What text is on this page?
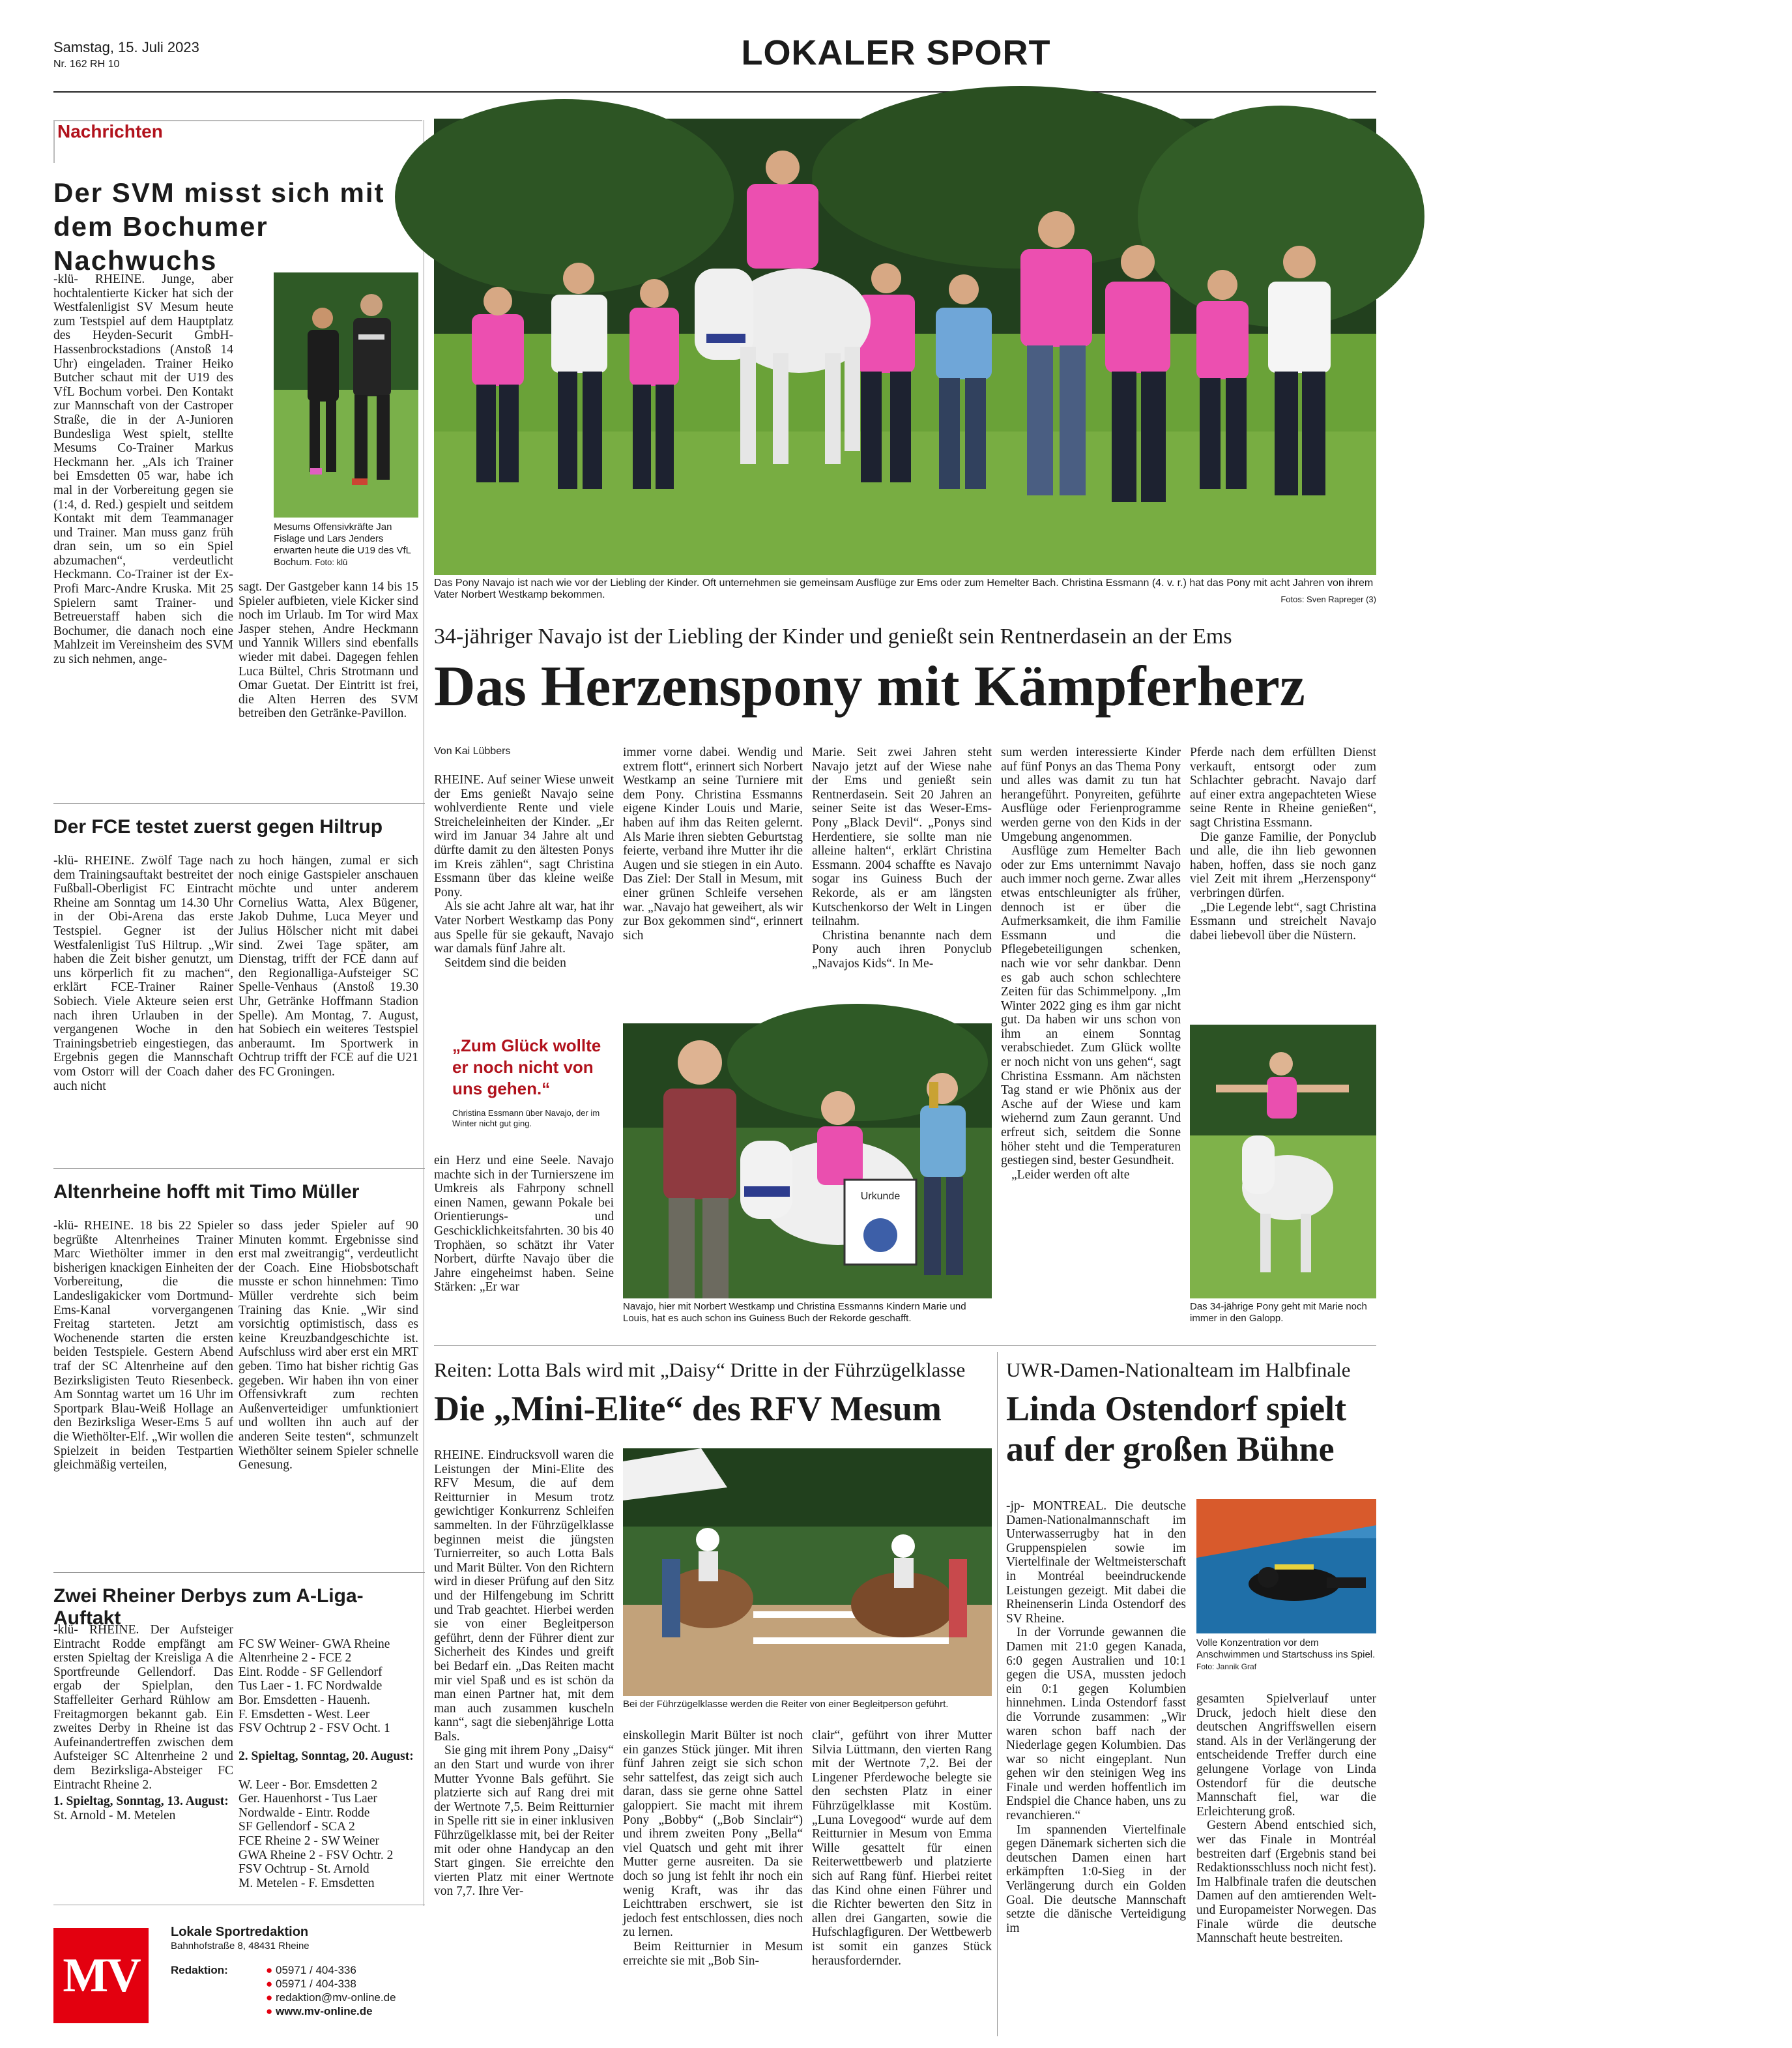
Samstag, 15. Juli 2023
Nr. 162 RH 10	LOKALER SPORT
Nachrichten
Der SVM misst sich mit dem Bochumer Nachwuchs

-klü- RHEINE. Junge, aber hochtalentierte Kicker hat sich der Westfalenligist SV Mesum heute zum Testspiel auf dem Hauptplatz des Heyden-Securit GmbH-Hassenbrockstadions (Anstoß 14 Uhr) eingeladen. Trainer Heiko Butcher schaut mit der U19 des VfL Bochum vorbei. Den Kontakt zur Mannschaft von der Castroper Straße, die in der A-Junioren Bundesliga West spielt, stellte Mesums Co-Trainer Markus Heckmann her. „Als ich Trainer bei Emsdetten 05 war, habe ich mal in der Vorbereitung gegen sie (1:4, d. Red.) gespielt und seitdem Kontakt mit dem Teammanager und Trainer. Man muss ganz früh dran sein, um so ein Spiel abzumachen“, verdeutlicht Heckmann. Co-Trainer ist der Ex-Profi Marc-Andre Kruska. Mit 25 Spielern samt Trainer- und Betreuerstaff haben sich die Bochumer, die danach noch eine Mahlzeit im Vereinsheim des SVM zu sich nehmen, ange-

Mesums Offensivkräfte Jan Fislage und Lars Jenders erwarten heute die U19 des VfL Bochum. Foto: klü

sagt. Der Gastgeber kann 14 bis 15 Spieler aufbieten, viele Kicker sind noch im Urlaub. Im Tor wird Max Jasper stehen, Andre Heckmann und Yannik Willers sind ebenfalls wieder mit dabei. Dagegen fehlen Luca Bültel, Chris Strotmann und Omar Guetat. Der Eintritt ist frei, die Alten Herren des SVM betreiben den Getränke-Pavillon.

Der FCE testet zuerst gegen Hiltrup

-klü- RHEINE. Zwölf Tage nach dem Trainingsauftakt bestreitet der Fußball-Oberligist FC Eintracht Rheine am Sonntag um 14.30 Uhr in der Obi-Arena das erste Testspiel. Gegner ist der Westfalenligist TuS Hiltrup. „Wir haben die Zeit bisher genutzt, um uns körperlich fit zu machen“, erklärt FCE-Trainer Rainer Sobiech. Viele Akteure seien erst nach ihren Urlauben in der vergangenen Woche in den Trainingsbetrieb eingestiegen, das Ergebnis gegen die Mannschaft vom Ostorr will der Coach daher auch nicht

zu hoch hängen, zumal er sich noch einige Gastspieler anschauen möchte und unter anderem Cornelius Wattа, Alex Bügener, Jakob Duhme, Luca Meyer und Julius Hölscher nicht mit dabei sind. Zwei Tage später, am Dienstag, trifft der FCE dann auf den Regionalliga-Aufsteiger SC Spelle-Venhaus (Anstoß 19.30 Uhr, Getränke Hoffmann Stadion Spelle). Am Montag, 7. August, hat Sobiech ein weiteres Testspiel anberaumt. Im Sportwerk in Ochtrup trifft der FCE auf die U21 des FC Groningen.

Altenrheine hofft mit Timo Müller

-klü- RHEINE. 18 bis 22 Spieler begrüßte Altenrheines Trainer Marc Wiethölter immer in den bisherigen knackigen Einheiten der Vorbereitung, die die Landesligakicker vom Dortmund-Ems-Kanal vorvergangenen Freitag starteten. Jetzt am Wochenende starten die ersten beiden Testspiele. Gestern Abend traf der SC Altenrheine auf den Bezirksligisten Teuto Riesenbeck. Am Sonntag wartet um 16 Uhr im Sportpark Blau-Weiß Hollage an den Bezirksliga Weser-Ems 5 auf die Wiethölter-Elf. „Wir wollen die Spielzeit in beiden Testpartien gleichmäßig verteilen,

so dass jeder Spieler auf 90 Minuten kommt. Ergebnisse sind erst mal zweitrangig“, verdeutlicht der Coach. Eine Hiobsbotschaft musste er schon hinnehmen: Timo Müller verdrehte sich beim Training das Knie. „Wir sind vorsichtig optimistisch, dass es keine Kreuzbandgeschichte ist. Aufschluss wird aber erst ein MRT geben. Timo hat bisher richtig Gas gegeben. Wir haben ihn von einer Offensivkraft zum rechten Außenverteidiger umfunktioniert und wollten ihn auch auf der anderen Seite testen“, schmunzelt Wiethölter seinem Spieler schnelle Genesung.

Zwei Rheiner Derbys zum A-Liga-Auftakt

-klü- RHEINE. Der Aufsteiger Eintracht Rodde empfängt am ersten Spieltag der Kreisliga A die Sportfreunde Gellendorf. Das ergab der Spielplan, den Staffelleiter Gerhard Rühlow am Freitagmorgen bekannt gab. Ein zweites Derby in Rheine ist das Aufeinandertreffen zwischen dem Aufsteiger SC Altenrheine 2 und dem Bezirksliga-Absteiger FC Eintracht Rheine 2.

1. Spieltag, Sonntag, 13. August:

St. Arnold - M. Metelen

FC SW Weiner- GWA Rheine
Altenrheine 2 - FCE 2
Eint. Rodde - SF Gellendorf
Tus Laer - 1. FC Nordwalde
Bor. Emsdetten - Hauenh.
F. Emsdetten - West. Leer
FSV Ochtrup 2 - FSV Ocht. 1

2. Spieltag, Sonntag, 20. August:

W. Leer - Bor. Emsdetten 2
Ger. Hauenhorst - Tus Laer
Nordwalde - Eintr. Rodde
SF Gellendorf - SCA 2
FCE Rheine 2 - SW Weiner
GWA Rheine 2 - FSV Ochtr. 2
FSV Ochtrup - St. Arnold
M. Metelen - F. Emsdetten

MV
Lokale Sportredaktion
Bahnhofstraße 8, 48431 Rheine
Redaktion:	● 05971 / 404-336
● 05971 / 404-338
● redaktion@mv-online.de
● www.mv-online.de
Das Pony Navajo ist nach wie vor der Liebling der Kinder. Oft unternehmen sie gemeinsam Ausflüge zur Ems oder zum Hemelter Bach. Christina Essmann (4. v. r.) hat das Pony mit acht Jahren von ihrem Vater Norbert Westkamp bekommen.	Fotos: Sven Rapreger (3)
34-jähriger Navajo ist der Liebling der Kinder und genießt sein Rentnerdasein an der Ems
Das Herzenspony mit Kämpferherz
Von Kai Lübbers

RHEINE. Auf seiner Wiese unweit der Ems genießt Navajo seine wohlverdiente Rente und viele Streicheleinheiten der Kinder. „Er wird im Januar 34 Jahre alt und dürfte damit zu den ältesten Ponys im Kreis zählen“, sagt Christina Essmann über das kleine weiße Pony.

Als sie acht Jahre alt war, hat ihr Vater Norbert Westkamp das Pony aus Spelle für sie gekauft, Navajo war damals fünf Jahre alt.

Seitdem sind die beiden

„Zum Glück wollte er noch nicht von uns gehen.“
Christina Essmann über Navajo, der im Winter nicht gut ging.

ein Herz und eine Seele. Navajo machte sich in der Turnierszene im Umkreis als Fahrpony schnell einen Namen, gewann Pokale bei Orientierungs- und Geschicklichkeitsfahrten. 30 bis 40 Trophäen, so schätzt ihr Vater Norbert, dürfte Navajo über die Jahre eingeheimst haben. Seine Stärken: „Er war

immer vorne dabei. Wendig und extrem flott“, erinnert sich Norbert Westkamp an seine Turniere mit dem Pony. Christina Essmanns eigene Kinder Louis und Marie, haben auf ihm das Reiten gelernt. Als Marie ihren siebten Geburtstag feierte, verband ihre Mutter ihr die Augen und sie stiegen in ein Auto. Das Ziel: Der Stall in Mesum, mit einer grünen Schleife versehen war. „Navajo hat geweihert, als wir zur Box gekommen sind“, erinnert sich

Marie. Seit zwei Jahren steht Navajo jetzt auf der Wiese nahe der Ems und genießt sein Rentnerdasein. Seit 20 Jahren an seiner Seite ist das Weser-Ems-Pony „Black Devil“. „Ponys sind Herdentiere, sie sollte man nie alleine halten“, erklärt Christina Essmann. 2004 schaffte es Navajo sogar ins Guiness Buch der Rekorde, als er am längsten Kutschenkorso der Welt in Lingen teilnahm.

Christina benannte nach dem Pony auch ihren Ponyclub „Navajos Kids“. In Me-

Urkunde
Navajo, hier mit Norbert Westkamp und Christina Essmanns Kindern Marie und Louis, hat es auch schon ins Guiness Buch der Rekorde geschafft.

sum werden interessierte Kinder auf fünf Ponys an das Thema Pony und alles was damit zu tun hat herangeführt. Ponyreiten, geführte Ausflüge oder Ferienprogramme werden gerne von den Kids in der Umgebung angenommen.

Ausflüge zum Hemelter Bach oder zur Ems unternimmt Navajo auch immer noch gerne. Zwar alles etwas entschleunigter als früher, dennoch ist er über die Aufmerksamkeit, die ihm Familie Essmann und die Pflegebeteiligungen schenken, nach wie vor sehr dankbar. Denn es gab auch schon schlechtere Zeiten für das Schimmelpony. „Im Winter 2022 ging es ihm gar nicht gut. Da haben wir uns schon von ihm an einem Sonntag verabschiedet. Zum Glück wollte er noch nicht von uns gehen“, sagt Christina Essmann. Am nächsten Tag stand er wie Phönix aus der Asche auf der Wiese und kam wiehernd zum Zaun gerannt. Und erfreut sich, seitdem die Sonne höher steht und die Temperaturen gestiegen sind, bester Gesundheit.

„Leider werden oft alte

Pferde nach dem erfüllten Dienst verkauft, entsorgt oder zum Schlachter gebracht. Navajo darf auf einer extra angepachteten Wiese seine Rente in Rheine genießen“, sagt Christina Essmann.

Die ganze Familie, der Ponyclub und alle, die ihn lieb gewonnen haben, hoffen, dass sie noch ganz viel Zeit mit ihrem „Herzenspony“ verbringen dürfen.

„Die Legende lebt“, sagt Christina Essmann und streichelt Navajo dabei liebevoll über die Nüstern.

Das 34-jährige Pony geht mit Marie noch immer in den Galopp.
Reiten: Lotta Bals wird mit „Daisy“ Dritte in der Führzügelklasse
Die „Mini-Elite“ des RFV Mesum

RHEINE. Eindrucksvoll waren die Leistungen der Mini-Elite des RFV Mesum, die auf dem Reitturnier in Mesum trotz gewichtiger Konkurrenz Schleifen sammelten. In der Führzügelklasse beginnen meist die jüngsten Turnierreiter, so auch Lotta Bals und Marit Bülter. Von den Richtern wird in dieser Prüfung auf den Sitz und der Hilfengebung im Schritt und Trab geachtet. Hierbei werden sie von einer Begleitperson geführt, denn der Führer dient zur Sicherheit des Kindes und greift bei Bedarf ein. „Das Reiten macht mir viel Spaß und es ist schön da man einen Partner hat, mit dem man auch zusammen kuscheln kann“, sagt die siebenjährige Lotta Bals.

Sie ging mit ihrem Pony „Daisy“ an den Start und wurde von ihrer Mutter Yvonne Bals geführt. Sie platzierte sich auf Rang drei mit der Wertnote 7,5. Beim Reitturnier in Spelle ritt sie in einer inklusiven Führzügelklasse mit, bei der Reiter mit oder ohne Handycap an den Start gingen. Sie erreichte den vierten Platz mit einer Wertnote von 7,7. Ihre Ver-

Bei der Führzügelklasse werden die Reiter von einer Begleitperson geführt.

einskollegin Marit Bülter ist noch ein ganzes Stück jünger. Mit ihren fünf Jahren zeigt sie sich schon sehr sattelfest, das zeigt sich auch daran, dass sie gerne ohne Sattel galoppiert. Sie macht mit ihrem Pony „Bobby“ („Bob Sinclair“) und ihrem zweiten Pony „Bella“ viel Quatsch und geht mit ihrer Mutter gerne ausreiten. Da sie doch so jung ist fehlt ihr noch ein wenig Kraft, was ihr das Leichttraben erschwert, sie ist jedoch fest entschlossen, dies noch zu lernen.

Beim Reitturnier in Mesum erreichte sie mit „Bob Sin-

clair“, geführt von ihrer Mutter Silvia Lüttmann, den vierten Rang mit der Wertnote 7,2. Bei der Lingener Pferdewoche belegte sie den sechsten Platz in einer Führzügelklasse mit Kostüm. „Luna Lovegood“ wurde auf dem Reitturnier in Mesum von Emma Wille gesattelt für einen Reiterwettbewerb und platzierte sich auf Rang fünf. Hierbei reitet das Kind ohne einen Führer und die Richter bewerten den Sitz in allen drei Gangarten, sowie die Hufschlagfiguren. Der Wettbewerb ist somit ein ganzes Stück herausfordernder.

UWR-Damen-Nationalteam im Halbfinale
Linda Ostendorf spielt auf der großen Bühne

-jp- MONTREAL. Die deutsche Damen-Nationalmannschaft im Unterwasserrugby hat in den Gruppenspielen sowie im Viertelfinale der Weltmeisterschaft in Montréal beeindruckende Leistungen gezeigt. Mit dabei die Rheinenserin Linda Ostendorf des SV Rheine.

In der Vorrunde gewannen die Damen mit 21:0 gegen Kanada, 6:0 gegen Australien und 10:1 gegen die USA, mussten jedoch ein 0:1 gegen Kolumbien hinnehmen. Linda Ostendorf fasst die Vorrunde zusammen: „Wir waren schon baff nach der Niederlage gegen Kolumbien. Das war so nicht eingeplant. Nun gehen wir den steinigen Weg ins Finale und werden hoffentlich im Endspiel die Chance haben, uns zu revanchieren.“

Im spannenden Viertelfinale gegen Dänemark sicherten sich die deutschen Damen einen hart erkämpften 1:0-Sieg in der Verlängerung durch ein Golden Goal. Die deutsche Mannschaft setzte die dänische Verteidigung im

Volle Konzentration vor dem Anschwimmen und Startschuss ins Spiel. Foto: Jannik Graf

gesamten Spielverlauf unter Druck, jedoch hielt diese den deutschen Angriffswellen eisern stand. Als in der Verlängerung der entscheidende Treffer durch eine gelungene Vorlage von Linda Ostendorf für die deutsche Mannschaft fiel, war die Erleichterung groß.

Gestern Abend entschied sich, wer das Finale in Montréal bestreiten darf (Ergebnis stand bei Redaktionsschluss noch nicht fest). Im Halbfinale trafen die deutschen Damen auf den amtierenden Welt- und Europameister Norwegen. Das Finale würde die deutsche Mannschaft heute bestreiten.
